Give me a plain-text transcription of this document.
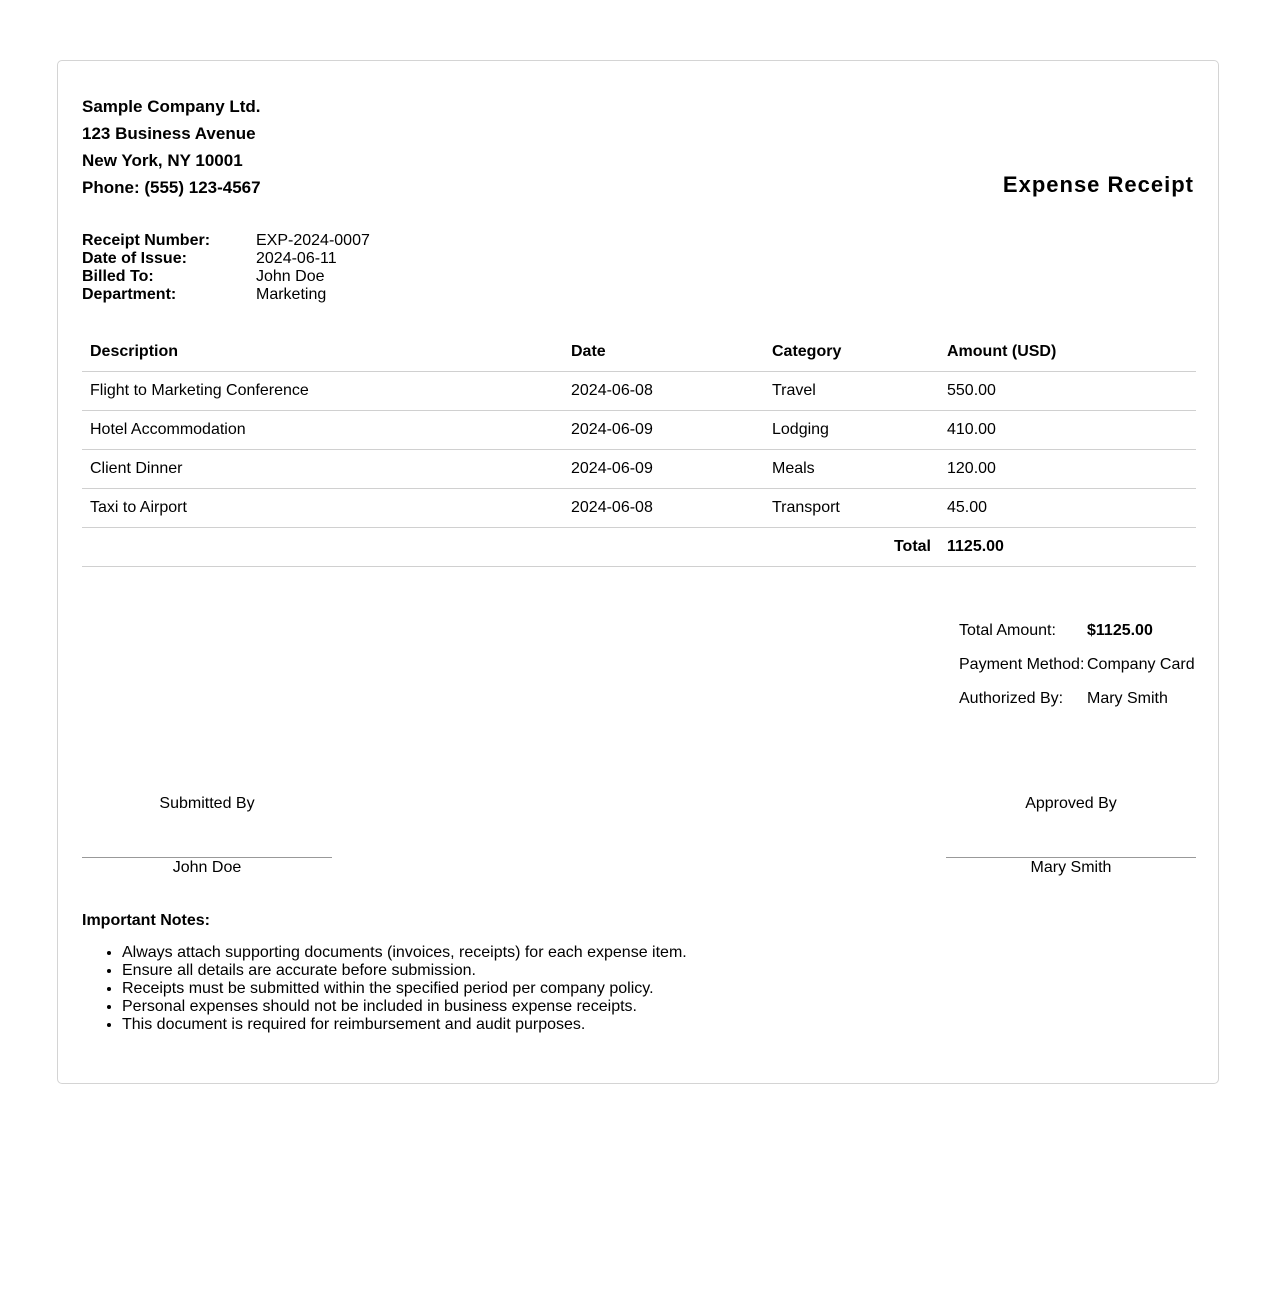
Sample Company Ltd.
123 Business Avenue
New York, NY 10001
Phone: (555) 123-4567	Expense Receipt
Receipt Number:	EXP-2024-0007
Date of Issue:	2024-06-11
Billed To:	John Doe
Department:	Marketing
Description	Date	Category	Amount (USD)
Flight to Marketing Conference	2024-06-08	Travel	550.00
Hotel Accommodation	2024-06-09	Lodging	410.00
Client Dinner	2024-06-09	Meals	120.00
Taxi to Airport	2024-06-08	Transport	45.00
Total			1125.00
Total Amount:	$1125.00
Payment Method: Company Card
Authorized By:	Mary Smith
Submitted By
John Doe
Approved By
Mary Smith
Important Notes:
• Always attach supporting documents (invoices, receipts) for each expense item.
• Ensure all details are accurate before submission.
• Receipts must be submitted within the specified period per company policy.
• Personal expenses should not be included in business expense receipts.
• This document is required for reimbursement and audit purposes.
